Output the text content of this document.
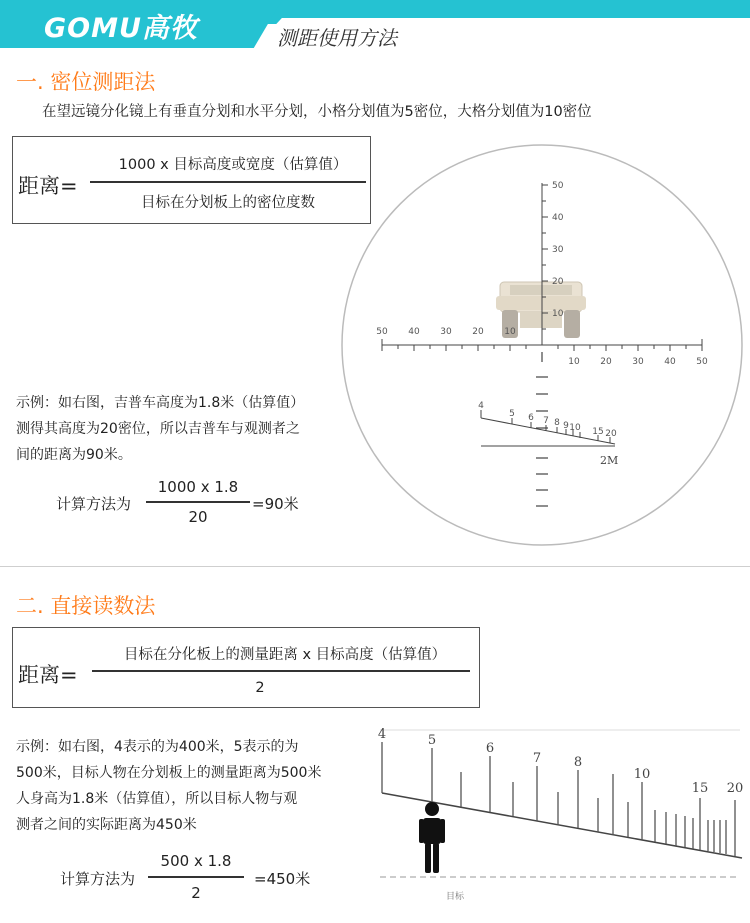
GOMU高牧	测距使用方法
一. 密位测距法
在望远镜分化镜上有垂直分划和水平分划，小格分划值为5密位，大格分划值为10密位
距离=
1000 x 目标高度或宽度（估算值）
目标在分划板上的密位度数
示例：如右图，吉普车高度为1.8米（估算值）
测得其高度为20密位，所以吉普车与观测者之
间的距离为90米。
计算方法为
1000 x 1.8
20
=90米
50
40
30
20
10
50 40 30 20 10
10 20 30 40 50
4
5 6 7 8 9 10 15 20
2M
二. 直接读数法
距离=
目标在分化板上的测量距离 x 目标高度（估算值）
2
示例：如右图，4表示的为400米，5表示的为
500米，目标人物在分划板上的测量距离为500米
人身高为1.8米（估算值），所以目标人物与观
测者之间的实际距离为450米
计算方法为
500 x 1.8
2
=450米
4	5
6
7	8
10
15 20
目标
